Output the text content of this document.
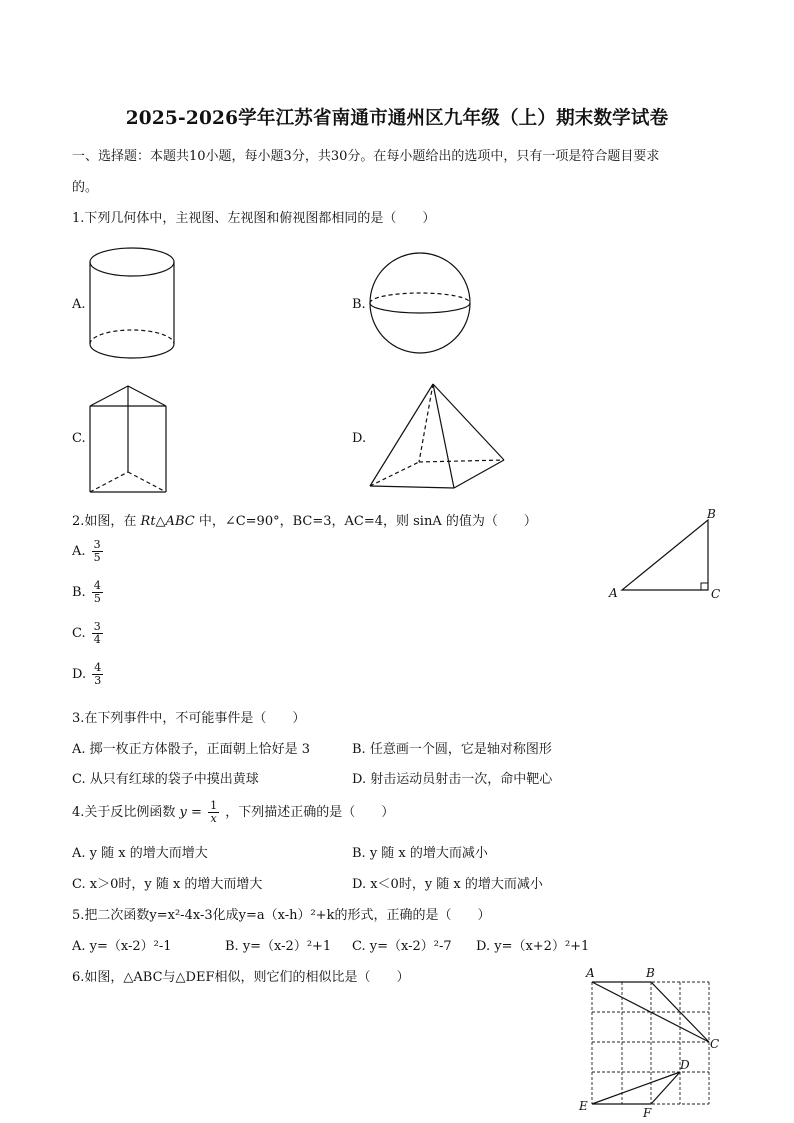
2025-2026学年江苏省南通市通州区九年级（上）期末数学试卷
一、选择题：本题共10小题，每小题3分，共30分。在每小题给出的选项中，只有一项是符合题目要求
的。
1.下列几何体中，主视图、左视图和俯视图都相同的是（　　）
A.	B.
C.	D.
2.如图，在 Rt△ABC 中，∠C=90°，BC=3，AC=4，则 sinA 的值为（　　）
A. $\frac{3}{5}$
B. $\frac{4}{5}$
C. $\frac{3}{4}$
D. $\frac{4}{3}$
A
B
C
3.在下列事件中，不可能事件是（　　）
A. 掷一枚正方体骰子，正面朝上恰好是 3	B. 任意画一个圆，它是轴对称图形
C. 从只有红球的袋子中摸出黄球	D. 射击运动员射击一次，命中靶心
4.关于反比例函数 $y = \frac{1}{x}$ ，下列描述正确的是（　　）
A. y 随 x 的增大而增大	B. y 随 x 的增大而减小
C. x＞0时，y 随 x 的增大而增大	D. x＜0时，y 随 x 的增大而减小
5.把二次函数y=x²-4x-3化成y=a（x-h）²+k的形式，正确的是（　　）
A. y=（x-2）²-1	B. y=（x-2）²+1 C. y=（x-2）²-7 D. y=（x+2）²+1
6.如图，△ABC与△DEF相似，则它们的相似比是（　　）	A	B
C
D
E	F
